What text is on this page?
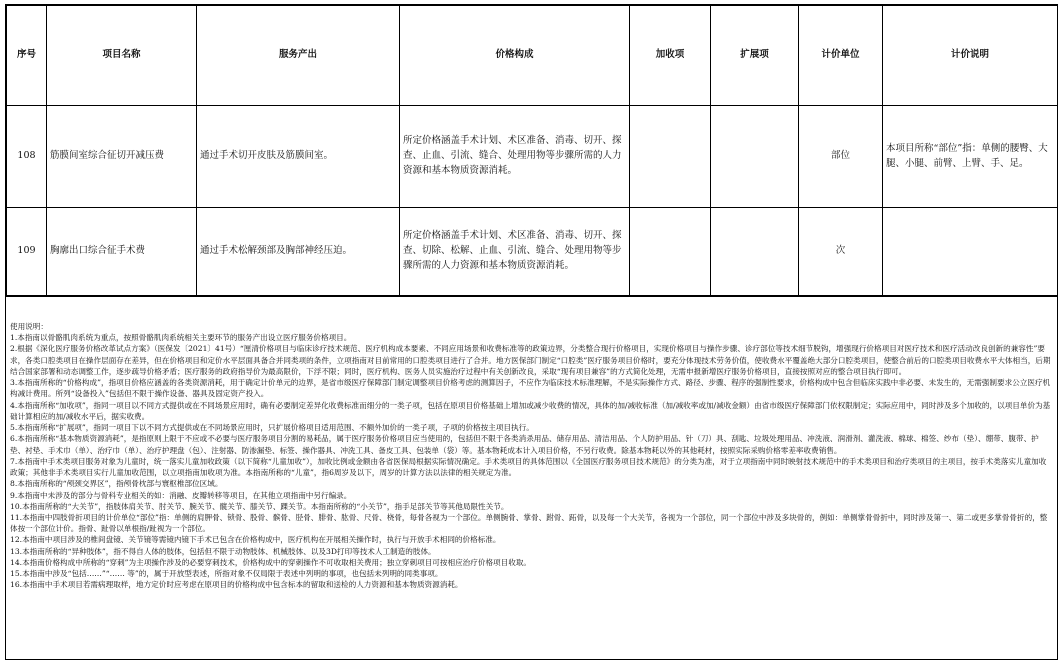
序号	项目名称	服务产出	价格构成	加收项	扩展项	计价单位	计价说明
108	筋膜间室综合征切开减压费	通过手术切开皮肤及筋膜间室。	所定价格涵盖手术计划、术区准备、消毒、切开、探查、止血、引流、缝合、处理用物等步骤所需的人力资源和基本物质资源消耗。			部位	本项目所称“部位”指：单侧的腰臀、大腿、小腿、前臂、上臂、手、足。
109	胸廓出口综合征手术费	通过手术松解颈部及胸部神经压迫。	所定价格涵盖手术计划、术区准备、消毒、切开、探查、切除、松解、止血、引流、缝合、处理用物等步骤所需的人力资源和基本物质资源消耗。			次	
使用说明：
1.本指南以骨骼肌肉系统为重点，按照骨骼肌肉系统相关主要环节的服务产出设立医疗服务价格项目。
2.根据《深化医疗服务价格改革试点方案》（医保发〔2021〕41号）“厘清价格项目与临床诊疗技术规范、医疗机构成本要素、不同应用场景和收费标准等的政策边界，分类整合现行价格项目，实现价格项目与操作步骤、诊疗部位等技术细节脱钩，增强现行价格项目对医疗技术和医疗活动改良创新的兼容性”要求，各类口腔类项目在操作层面存在差异，但在价格项目和定价水平层面具备合并同类项的条件，立项指南对目前常用的口腔类项目进行了合并。地方医保部门制定“口腔类”医疗服务项目价格时，要充分体现技术劳务价值，使收费水平覆盖绝大部分口腔类项目，使整合前后的口腔类项目收费水平大体相当，后期结合国家部署和动态调整工作，逐步疏导价格矛盾；医疗服务的政府指导价为最高限价，下浮不限；同时，医疗机构、医务人员实施治疗过程中有关创新改良，采取“现有项目兼容”的方式简化处理，无需申报新增医疗服务价格项目，直接按照对应的整合项目执行即可。
3.本指南所称的“价格构成”，指项目价格应涵盖的各类资源消耗，用于确定计价单元的边界，是省市级医疗保障部门制定调整项目价格考虑的测算因子，不应作为临床技术标准理解，不是实际操作方式、路径、步骤、程序的强制性要求，价格构成中包含但临床实践中非必要、未发生的，无需强制要求公立医疗机构减计费用。所列“设备投入”包括但不限于操作设备、器具及固定资产投入。
4.本指南所称“加收项”，指同一项目以不同方式提供或在不同场景应用时，确有必要制定差异化收费标准而细分的一类子项，包括在原项目价格基础上增加或减少收费的情况，具体的加/减收标准（加/减收率或加/减收金额）由省市级医疗保障部门依权限制定；实际应用中，同时涉及多个加收的，以项目单价为基础计算相应的加/减收水平后，据实收费。
5.本指南所称“扩展项”，指同一项目下以不同方式提供或在不同场景应用时，只扩展价格项目适用范围、不额外加价的一类子项，子项的价格按主项目执行。
6.本指南所称“基本物质资源消耗”，是指原则上限于不应或不必要与医疗服务项目分割的易耗品，属于医疗服务价格项目应当使用的，包括但不限于各类消杀用品、储存用品、清洁用品、个人防护用品、针（刀）具、刮匙、垃圾处理用品、冲洗液、润滑剂、灌洗液、棉球、棉签、纱布（垫）、绷带、腹带、护垫、衬垫、手术巾（单）、治疗巾（单）、治疗护理盘（包）、注射器、防渗漏垫、标签、操作器具、冲洗工具、备皮工具、包装单（袋）等。基本物耗成本计入项目价格，不另行收费。除基本物耗以外的其他耗材，按照实际采购价格零差率收费销售。
7.本指南中手术类项目服务对象为儿童时，统一落实儿童加收政策（以下简称“儿童加收”），加收比例或金额由各省医保局根据实际情况确定。手术类项目的具体范围以《全国医疗服务项目技术规范》的分类为准，对于立项指南中同时映射技术规范中的手术类项目和治疗类项目的主项目，按手术类落实儿童加收政策；其他非手术类项目实行儿童加收范围，以立项指南加收项为准。本指南所称的“儿童”，指6周岁及以下，周岁的计算方法以法律的相关规定为准。
8.本指南所称的“颅颈交界区”，指颅骨枕部与寰枢椎部位区域。
9.本指南中未涉及的部分与骨科专业相关的如：消融、皮瓣转移等项目，在其他立项指南中另行编录。
10.本指南所称的“大关节”，指肢体肩关节、肘关节、腕关节、髋关节、膝关节、踝关节。本指南所称的“小关节”，指手足部关节等其他局限性关节。
11.本指南中四肢骨折项目的计价单位“部位”指：单侧的肩胛骨、锁骨、股骨、髌骨、胫骨、腓骨、肱骨、尺骨、桡骨，每骨各视为一个部位。单侧腕骨、掌骨、跗骨、跖骨，以及每一个大关节，各视为一个部位，同一个部位中涉及多块骨的，例如：单侧掌骨骨折中，同时涉及第一、第二或更多掌骨骨折的，整体按一个部位计价。指骨、趾骨以单根指/趾视为一个部位。
12.本指南中项目涉及的椎间盘镜、关节镜等需镜内镜下手术已包含在价格构成中，医疗机构在开展相关操作时，执行与开放手术相同的价格标准。
13.本指南所称的“异种肢体”，指不得自人体的肢体，包括但不限于动物肢体、机械肢体、以及3D打印等技术人工制造的肢体。
14.本指南价格构成中所称的“穿刺”为主项操作涉及的必要穿刺技术，价格构成中的穿刺操作不可收取相关费用；独立穿刺项目可按相应治疗价格项目收取。
15.本指南中涉及“包括……”“…… 等”的，属于开放型表述，所指对象不仅局限于表述中列明的事项，也包括未列明的同类事项。
16.本指南中手术项目若需病理取样，地方定价时应考虑在原项目的价格构成中包含标本的留取和送检的人力资源和基本物质资源消耗。
